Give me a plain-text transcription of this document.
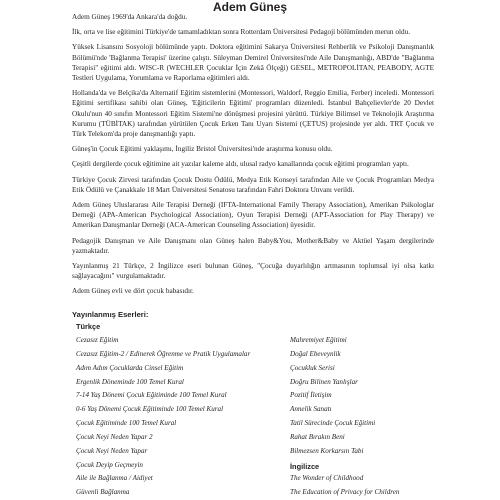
Adem Güneş

Adem Güneş 1969'da Ankara'da doğdu.

İlk, orta ve lise eğitimini Türkiye'de tamamladıktan sonra Rotterdam Üniversitesi Pedagoji bölümünden merun oldu.

Yüksek Lisansını Sosyoloji bölümünde yaptı. Doktora eğitimini Sakarya Üniversitesi Rehberlik ve Psikoloji Danışmanlık Bölümü'nde 'Bağlanma Terapisi' üzerine çalıştı. Süleyman Demirel Üniversitesi'nde Aile Danışmanlığı, ABD'de "Bağlanma Terapisi" eğitimi aldı. WISC-R (WECHLER Çocuklar İçin Zekâ Ölçeği) GESEL, METROPOLİTAN, PEABODY, AGTE Testleri Uygulama, Yorumlama ve Raporlama eğitimleri aldı.

Hollanda'da ve Belçika'da Alternatif Eğitim sistemlerini (Montessori, Waldorf, Reggio Emilia, Ferber) inceledi. Montessori Eğitimi sertifikası sahibi olan Güneş, 'Eğiticilerin Eğitimi' programları düzenledi. İstanbul Bahçelievler'de 20 Devlet Okulu'nun 40 sınıfın Montessori Eğitim Sistemi'ne dönüşmesi projesini yürüttü. Türkiye Bilimsel ve Teknolojik Araştırma Kurumu (TÜBİTAK) tarafından yürütülen Çocuk Erken Tanı Uyarı Sistemi (ÇETUS) projesinde yer aldı. TRT Çocuk ve Türk Telekom'da proje danışmanlığı yaptı.

Güneş'in Çocuk Eğitimi yaklaşımı, İngiliz Bristol Üniversitesi'nde araştırma konusu oldu.

Çeşitli dergilerde çocuk eğitimine ait yazılar kaleme aldı, ulusal radyo kanallarında çocuk eğitimi programları yaptı.

Türkiye Çocuk Zirvesi tarafından Çocuk Dostu Ödülü, Medya Etik Konseyi tarafından Aile ve Çocuk Programları Medya Etik Ödülü ve Çanakkale 18 Mart Üniversitesi Senatosu tarafından Fahri Doktora Unvanı verildi.

Adem Güneş Uluslararası Aile Terapisi Derneği (IFTA-International Family Therapy Association), Amerikan Psikologlar Derneği (APA-American Psychological Association), Oyun Terapisi Derneği (APT-Association for Play Therapy) ve Amerikan Danışmanlar Derneği (ACA-American Counseling Association) üyesidir.

Pedagojik Danışman ve Aile Danışmanı olan Güneş halen Baby&You, Mother&Baby ve Aktüel Yaşam dergilerinde yazmaktadır.

Yayınlanmış 21 Türkçe, 2 İngilizce eseri bulunan Güneş, "Çocuğa duyarlılığın artmasının toplumsal iyi olsa katkı sağlayacağını" vurgulamaktadır.

Adem Güneş evli ve dört çocuk babasıdır.

Yayınlanmış Eserleri:
Türkçe
Cezasız Eğitim
Cezasız Eğitim-2 / Edinerek Öğrenme ve Pratik Uygulamalar
Adım Adım Çocuklarda Cinsel Eğitim
Ergenlik Döneminde 100 Temel Kural
7-14 Yaş Dönemi Çocuk Eğitiminde 100 Temel Kural
0-6 Yaş Dönemi Çocuk Eğitiminde 100 Temel Kural
Çocuk Eğitiminde 100 Temel Kural
Çocuk Neyi Neden Yapar 2
Çocuk Neyi Neden Yapar
Çocuk Deyip Geçmeyin
Aile ile Bağlanma / Aidiyet
Güvenli Bağlanma
Mahremiyet Eğitimi
Doğal Ebeveynlik
Çocukluk Serisi
Doğru Bilinen Yanlışlar
Pozitif İletişim
Annelik Sanatı
Tatil Sürecinde Çocuk Eğitimi
Rahat Bırakın Beni
Bilmezsen Korkarsın Tabi
İngilizce
The Wonder of Childhood
The Education of Privacy for Children
